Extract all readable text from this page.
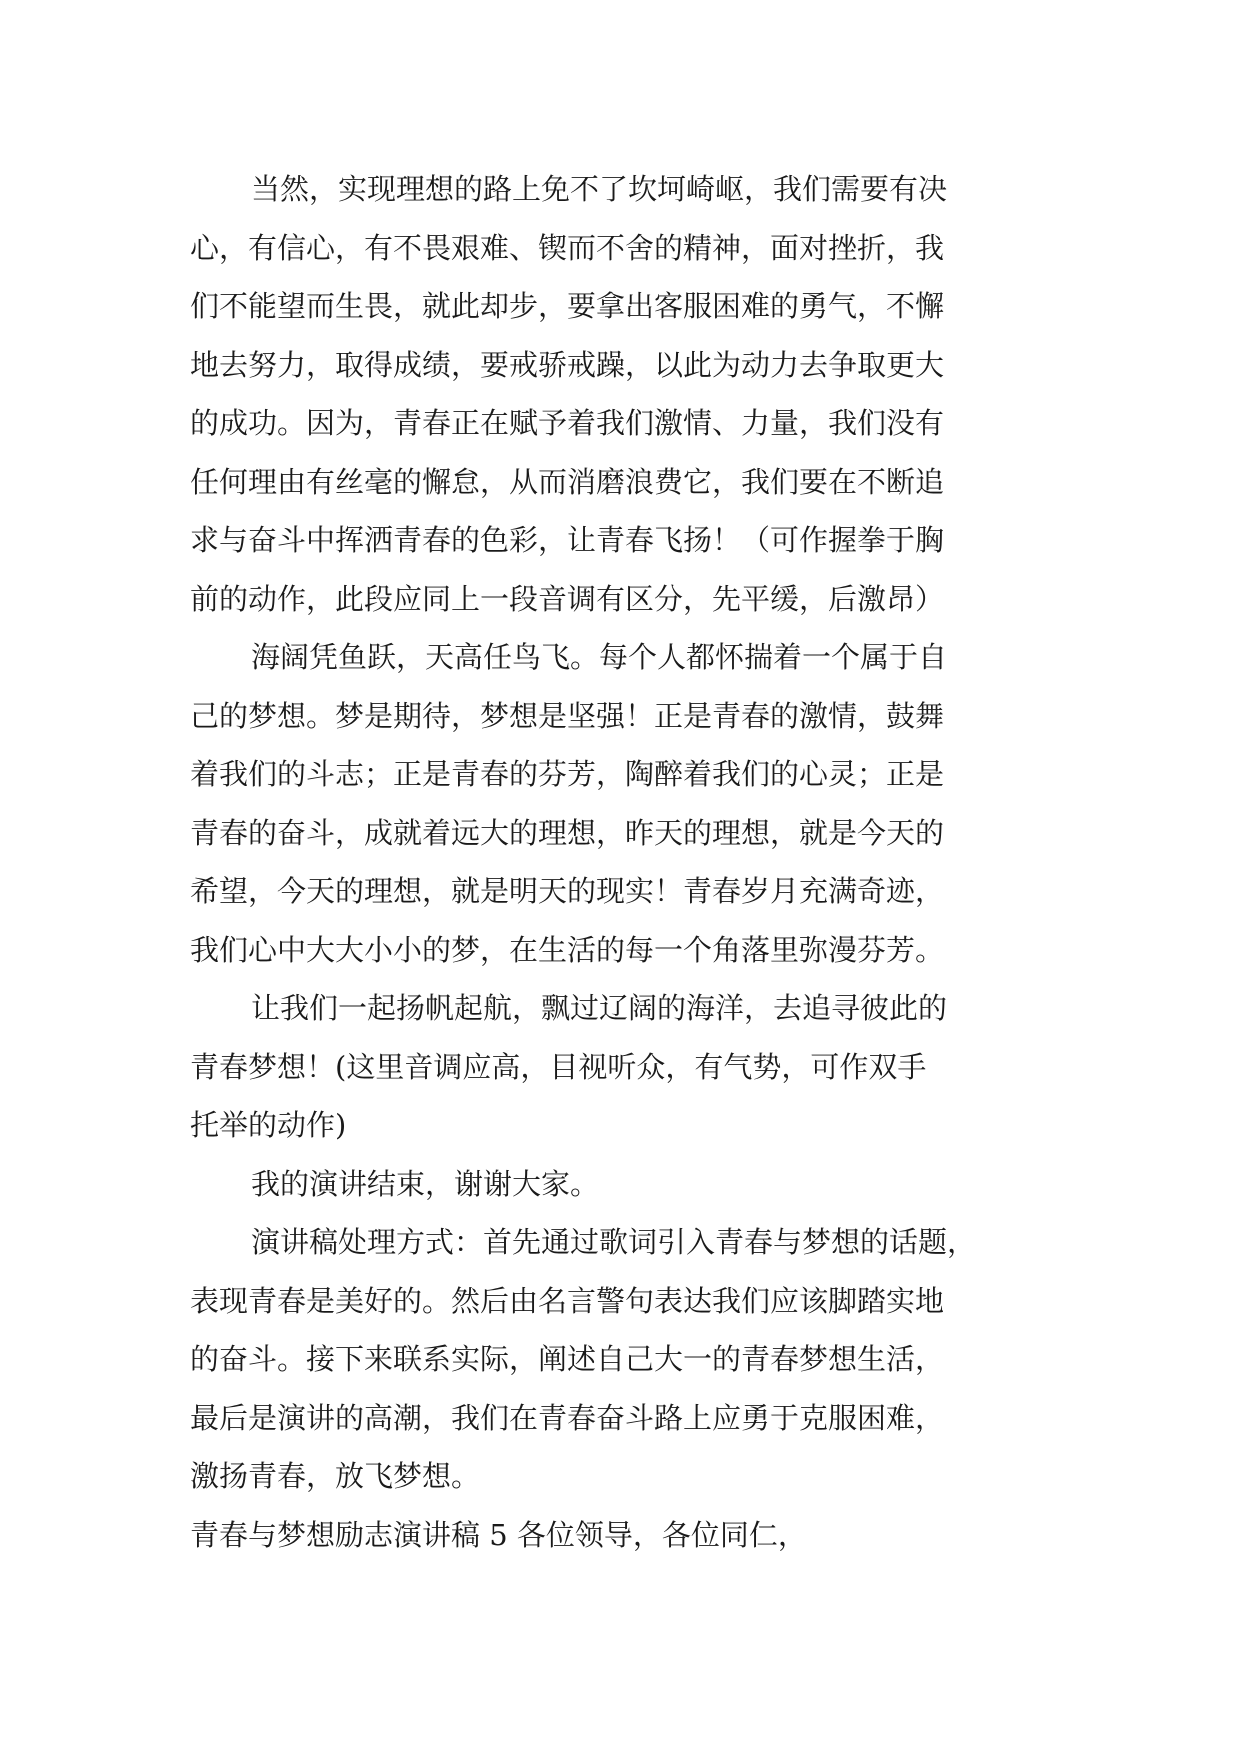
当然，实现理想的路上免不了坎坷崎岖，我们需要有决
心，有信心，有不畏艰难、锲而不舍的精神，面对挫折，我
们不能望而生畏，就此却步，要拿出客服困难的勇气，不懈
地去努力，取得成绩，要戒骄戒躁，以此为动力去争取更大
的成功。因为，青春正在赋予着我们激情、力量，我们没有
任何理由有丝毫的懈怠，从而消磨浪费它，我们要在不断追
求与奋斗中挥洒青春的色彩，让青春飞扬！（可作握拳于胸
前的动作，此段应同上一段音调有区分，先平缓，后激昂）
海阔凭鱼跃，天高任鸟飞。每个人都怀揣着一个属于自
己的梦想。梦是期待，梦想是坚强！正是青春的激情，鼓舞
着我们的斗志；正是青春的芬芳，陶醉着我们的心灵；正是
青春的奋斗，成就着远大的理想，昨天的理想，就是今天的
希望，今天的理想，就是明天的现实！青春岁月充满奇迹，
我们心中大大小小的梦，在生活的每一个角落里弥漫芬芳。
让我们一起扬帆起航，飘过辽阔的海洋，去追寻彼此的
青春梦想！(这里音调应高，目视听众，有气势，可作双手
托举的动作)
我的演讲结束，谢谢大家。
演讲稿处理方式：首先通过歌词引入青春与梦想的话题，
表现青春是美好的。然后由名言警句表达我们应该脚踏实地
的奋斗。接下来联系实际，阐述自己大一的青春梦想生活，
最后是演讲的高潮，我们在青春奋斗路上应勇于克服困难，
激扬青春，放飞梦想。
青春与梦想励志演讲稿 5 各位领导，各位同仁，
